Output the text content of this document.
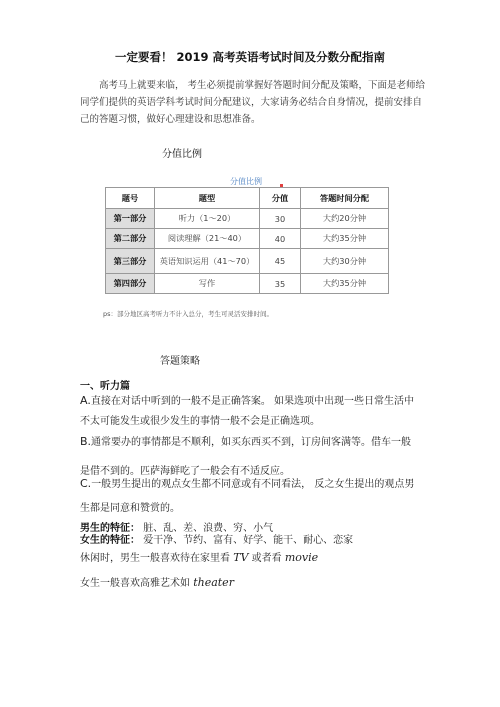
一定要看！ 2019 高考英语考试时间及分数分配指南

高考马上就要来临， 考生必须提前掌握好答题时间分配及策略，下面是老师给同学们提供的英语学科考试时间分配建议，大家请务必结合自身情况，提前安排自己的答题习惯，做好心理建设和思想准备。

分值比例
分值比例
题号	题型	分值	答题时间分配
第一部分	听力（1～20）	30	大约20分钟
第二部分	阅读理解（21～40）	40	大约35分钟
第三部分	英语知识运用（41～70）	45	大约30分钟
第四部分	写作	35	大约35分钟
ps：部分地区高考听力不计入总分，考生可灵活安排时间。
答题策略
一、听力篇
A.直接在对话中听到的一般不是正确答案。 如果选项中出现一些日常生活中
不太可能发生或很少发生的事情一般不会是正确选项。
B.通常要办的事情都是不顺利，如买东西买不到，订房间客满等。借车一般
是借不到的。匹萨海鲜吃了一般会有不适反应。
C.一般男生提出的观点女生都不同意或有不同看法， 反之女生提出的观点男
生都是同意和赞赏的。
男生的特征： 脏、乱、差、浪费、穷、小气
女生的特征： 爱干净、节约、富有、好学、能干、耐心、恋家
休闲时，男生一般喜欢待在家里看 TV 或者看 movie
女生一般喜欢高雅艺术如 theater
